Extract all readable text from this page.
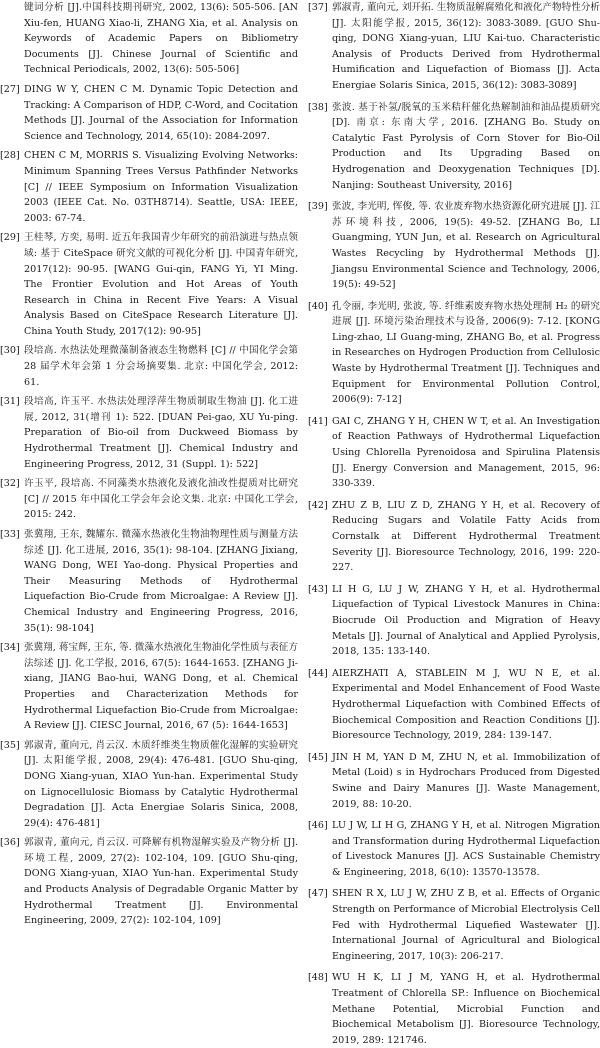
键词分析 [J].中国科技期刊研究, 2002, 13(6): 505-506. [AN Xiu-fen, HUANG Xiao-li, ZHANG Xia, et al. Analysis on Keywords of Academic Papers on Bibliometry Documents [J]. Chinese Journal of Scientific and Technical Periodicals, 2002, 13(6): 505-506]
[27] DING W Y, CHEN C M. Dynamic Topic Detection and Tracking: A Comparison of HDP, C-Word, and Cocitation Methods [J]. Journal of the Association for Information Science and Technology, 2014, 65(10): 2084-2097.
[28] CHEN C M, MORRIS S. Visualizing Evolving Networks: Minimum Spanning Trees Versus Pathfinder Networks [C] // IEEE Symposium on Information Visualization 2003 (IEEE Cat. No. 03TH8714). Seattle, USA: IEEE, 2003: 67-74.
[29] 王桂琴, 方奕, 易明. 近五年我国青少年研究的前沿演进与热点领域: 基于 CiteSpace 研究文献的可视化分析 [J]. 中国青年研究, 2017(12): 90-95. [WANG Gui-qin, FANG Yi, YI Ming. The Frontier Evolution and Hot Areas of Youth Research in China in Recent Five Years: A Visual Analysis Based on CiteSpace Research Literature [J]. China Youth Study, 2017(12): 90-95]
[30] 段培高. 水热法处理微藻制备液态生物燃料 [C] // 中国化学会第 28 届学术年会第 1 分会场摘要集. 北京: 中国化学会, 2012: 61.
[31] 段培高, 许玉平. 水热法处理浮萍生物质制取生物油 [J]. 化工进展, 2012, 31(增刊 1): 522. [DUAN Pei-gao, XU Yu-ping. Preparation of Bio-oil from Duckweed Biomass by Hydrothermal Treatment [J]. Chemical Industry and Engineering Progress, 2012, 31 (Suppl. 1): 522]
[32] 许玉平, 段培高. 不同藻类水热液化及液化油改性提质对比研究 [C] // 2015 年中国化工学会年会论文集. 北京: 中国化工学会, 2015: 242.
[33] 张冀翔, 王东, 魏耀东. 微藻水热液化生物油物理性质与测量方法综述 [J]. 化工进展, 2016, 35(1): 98-104. [ZHANG Jixiang, WANG Dong, WEI Yao-dong. Physical Properties and Their Measuring Methods of Hydrothermal Liquefaction Bio-Crude from Microalgae: A Review [J]. Chemical Industry and Engineering Progress, 2016, 35(1): 98-104]
[34] 张冀翔, 蒋宝辉, 王东, 等. 微藻水热液化生物油化学性质与表征方法综述 [J]. 化工学报, 2016, 67(5): 1644-1653. [ZHANG Ji-xiang, JIANG Bao-hui, WANG Dong, et al. Chemical Properties and Characterization Methods for Hydrothermal Liquefaction Bio-Crude from Microalgae: A Review [J]. CIESC Journal, 2016, 67 (5): 1644-1653]
[35] 郭淑青, 董向元, 肖云汉. 木质纤维类生物质催化湿解的实验研究 [J]. 太阳能学报, 2008, 29(4): 476-481. [GUO Shu-qing, DONG Xiang-yuan, XIAO Yun-han. Experimental Study on Lignocellulosic Biomass by Catalytic Hydrothermal Degradation [J]. Acta Energiae Solaris Sinica, 2008, 29(4): 476-481]
[36] 郭淑青, 董向元, 肖云汉. 可降解有机物湿解实验及产物分析 [J]. 环境工程, 2009, 27(2): 102-104, 109. [GUO Shu-qing, DONG Xiang-yuan, XIAO Yun-han. Experimental Study and Products Analysis of Degradable Organic Matter by Hydrothermal Treatment [J]. Environmental Engineering, 2009, 27(2): 102-104, 109]
[37] 郭淑青, 董向元, 刘开拓. 生物质湿解腐殖化和液化产物特性分析 [J]. 太阳能学报, 2015, 36(12): 3083-3089. [GUO Shu-qing, DONG Xiang-yuan, LIU Kai-tuo. Characteristic Analysis of Products Derived from Hydrothermal Humification and Liquefaction of Biomass [J]. Acta Energiae Solaris Sinica, 2015, 36(12): 3083-3089]
[38] 张波. 基于补氢/脱氧的玉米秸秆催化热解制油和油品提质研究 [D]. 南京: 东南大学, 2016. [ZHANG Bo. Study on Catalytic Fast Pyrolysis of Corn Stover for Bio-Oil Production and Its Upgrading Based on Hydrogenation and Deoxygenation Techniques [D]. Nanjing: Southeast University, 2016]
[39] 张波, 李光明, 恽俊, 等. 农业废弃物水热资源化研究进展 [J]. 江苏环境科技, 2006, 19(5): 49-52. [ZHANG Bo, LI Guangming, YUN Jun, et al. Research on Agricultural Wastes Recycling by Hydrothermal Methods [J]. Jiangsu Environmental Science and Technology, 2006, 19(5): 49-52]
[40] 孔令丽, 李光明, 张波, 等. 纤维素废弃物水热处理制 H₂ 的研究进展 [J]. 环境污染治理技术与设备, 2006(9): 7-12. [KONG Ling-zhao, LI Guang-ming, ZHANG Bo, et al. Progress in Researches on Hydrogen Production from Cellulosic Waste by Hydrothermal Treatment [J]. Techniques and Equipment for Environmental Pollution Control, 2006(9): 7-12]
[41] GAI C, ZHANG Y H, CHEN W T, et al. An Investigation of Reaction Pathways of Hydrothermal Liquefaction Using Chlorella Pyrenoidosa and Spirulina Platensis [J]. Energy Conversion and Management, 2015, 96: 330-339.
[42] ZHU Z B, LIU Z D, ZHANG Y H, et al. Recovery of Reducing Sugars and Volatile Fatty Acids from Cornstalk at Different Hydrothermal Treatment Severity [J]. Bioresource Technology, 2016, 199: 220-227.
[43] LI H G, LU J W, ZHANG Y H, et al. Hydrothermal Liquefaction of Typical Livestock Manures in China: Biocrude Oil Production and Migration of Heavy Metals [J]. Journal of Analytical and Applied Pyrolysis, 2018, 135: 133-140.
[44] AIERZHATI A, STABLEIN M J, WU N E, et al. Experimental and Model Enhancement of Food Waste Hydrothermal Liquefaction with Combined Effects of Biochemical Composition and Reaction Conditions [J]. Bioresource Technology, 2019, 284: 139-147.
[45] JIN H M, YAN D M, ZHU N, et al. Immobilization of Metal (Loid) s in Hydrochars Produced from Digested Swine and Dairy Manures [J]. Waste Management, 2019, 88: 10-20.
[46] LU J W, LI H G, ZHANG Y H, et al. Nitrogen Migration and Transformation during Hydrothermal Liquefaction of Livestock Manures [J]. ACS Sustainable Chemistry & Engineering, 2018, 6(10): 13570-13578.
[47] SHEN R X, LU J W, ZHU Z B, et al. Effects of Organic Strength on Performance of Microbial Electrolysis Cell Fed with Hydrothermal Liquefied Wastewater [J]. International Journal of Agricultural and Biological Engineering, 2017, 10(3): 206-217.
[48] WU H K, LI J M, YANG H, et al. Hydrothermal Treatment of Chlorella SP.: Influence on Biochemical Methane Potential, Microbial Function and Biochemical Metabolism [J]. Bioresource Technology, 2019, 289: 121746.
